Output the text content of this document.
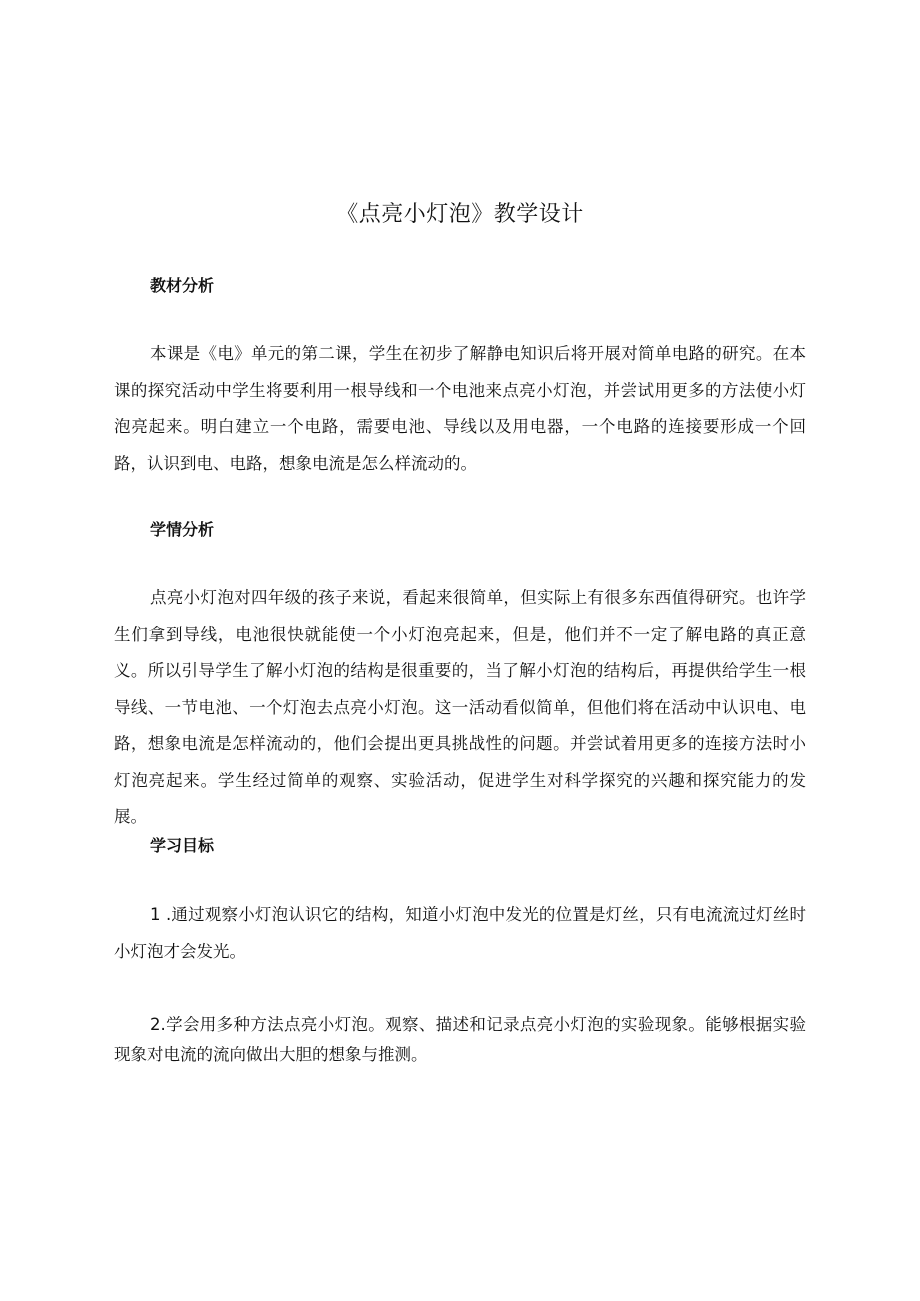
《点亮小灯泡》教学设计
教材分析

本课是《电》单元的第二课，学生在初步了解静电知识后将开展对简单电路的研究。在本课的探究活动中学生将要利用一根导线和一个电池来点亮小灯泡，并尝试用更多的方法使小灯泡亮起来。明白建立一个电路，需要电池、导线以及用电器，一个电路的连接要形成一个回路，认识到电、电路，想象电流是怎么样流动的。

学情分析

点亮小灯泡对四年级的孩子来说，看起来很简单，但实际上有很多东西值得研究。也许学生们拿到导线，电池很快就能使一个小灯泡亮起来，但是，他们并不一定了解电路的真正意义。所以引导学生了解小灯泡的结构是很重要的，当了解小灯泡的结构后，再提供给学生一根导线、一节电池、一个灯泡去点亮小灯泡。这一活动看似简单，但他们将在活动中认识电、电路，想象电流是怎样流动的，他们会提出更具挑战性的问题。并尝试着用更多的连接方法时小灯泡亮起来。学生经过简单的观察、实验活动，促进学生对科学探究的兴趣和探究能力的发展。

学习目标

1 .通过观察小灯泡认识它的结构，知道小灯泡中发光的位置是灯丝，只有电流流过灯丝时小灯泡才会发光。

2.学会用多种方法点亮小灯泡。观察、描述和记录点亮小灯泡的实验现象。能够根据实验现象对电流的流向做出大胆的想象与推测。
